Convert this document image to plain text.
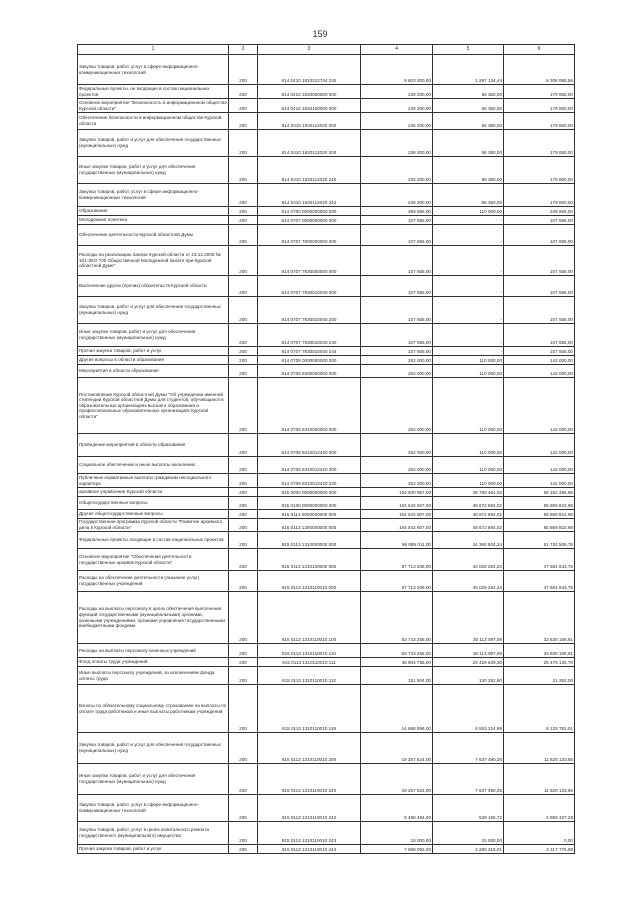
159
1	2	3	4	5	6
Закупка товаров, работ, услуг в сфере информационно-коммуникационных технологий	200	814 0410 1810312744 242	9 603 200,00	1 297 134,44	8 306 065,56
Федеральные проекты, не входящие в состав национальных проектов	200	814 0410 1620000000 000	236 200,00	56 350,00	179 850,00
Основное мероприятие "Безопасность в информационном обществе Курской области"	200	814 0410 1620100000 000	236 200,00	56 350,00	179 850,00
Обеспечение безопасности в информационном обществе Курской области	200	814 0410 1620112020 000	236 200,00	56 350,00	179 850,00
Закупка товаров, работ и услуг для обеспечения государственных (муниципальных) нужд	200	814 0410 1620112020 200	236 200,00	56 350,00	179 850,00
Иные закупки товаров, работ и услуг для обеспечения государственных (муниципальных) нужд	200	814 0410 1620112020 240	236 200,00	56 350,00	179 850,00
Закупка товаров, работ, услуг в сфере информационно-коммуникационных технологий	200	814 0410 1620112020 242	236 200,00	56 350,00	179 850,00
Образование	200	814 0700 0000000000 000	359 655,00	110 000,00	249 655,00
Молодежная политика	200	814 0707 0000000000 000	107 655,00	-	107 655,00
Обеспечение деятельности Курской областной Думы	200	814 0707 7900000000 000	107 655,00	-	107 655,00
Расходы на реализацию Закона Курской области от 23.12.2005 № 101-ЗКО "Об Общественной Молодежной палате при Курской областной Думе"	200	814 0707 7930000000 000	107 655,00	-	107 655,00
Выполнение других (прочих) обязательств Курской области	200	814 0707 7930010040 000	107 655,00	-	107 655,00
Закупка товаров, работ и услуг для обеспечения государственных (муниципальных) нужд	200	814 0707 7930010040 200	107 655,00	-	107 655,00
Иные закупки товаров, работ и услуг для обеспечения государственных (муниципальных) нужд	200	814 0707 7930010040 240	107 655,00	-	107 655,00
Прочая закупка товаров, работ и услуг	200	814 0707 7930010040 244	107 655,00	-	107 655,00
Другие вопросы в области образования	200	814 0709 0000000000 000	252 000,00	110 000,00	142 000,00
Мероприятия в области образования	200	814 0709 8300000000 000	252 000,00	110 000,00	142 000,00
Постановление Курской областной Думы "Об учреждении именной стипендии Курской областной Думы для студентов, обучающихся в образовательных организациях высшего образования и профессиональных образовательных организациях Курской области"	200	814 0709 8310000000 000	252 000,00	110 000,00	142 000,00
Проведение мероприятий в области образования	200	814 0709 8310012420 000	252 000,00	110 000,00	142 000,00
Социальное обеспечение и иные выплаты населению	200	814 0709 8310012420 300	252 000,00	110 000,00	142 000,00
Публичные нормативные выплаты гражданам несоциального характера	200	814 0709 8310012420 330	252 000,00	110 000,00	142 000,00
архивное управление Курской области	200	815 0000 0000000000 000	104 930 957,00	48 768 461,02	56 162 395,98
Общегосударственные вопросы	200	815 0100 0000000000 000	104 542 607,00	48 672 684,02	55 869 922,98
Другие общегосударственные вопросы	200	815 0113 0000000000 000	104 542 607,00	48 672 684,02	55 869 922,98
Государственная программа Курской области "Развитие архивного дела в Курской области"	200	815 0113 1300000000 000	104 542 607,00	48 672 684,02	55 869 922,98
Федеральные проекты, входящие в состав национальных проектов	200	815 0113 1310000000 000	96 095 011,00	44 360 504,24	51 734 506,76
Основное мероприятие "Обеспечение деятельности государственных архивов Курской области"	200	815 0113 1310100000 000	87 713 208,00	40 028 264,24	47 684 943,76
Расходы на обеспечение деятельности (оказание услуг) государственных учреждений	200	815 0113 1310110010 000	87 713 208,00	40 028 264,24	47 684 943,76
Расходы на выплаты персоналу в целях обеспечения выполнения функций государственными (муниципальными) органами, казенными учреждениями, органами управления государственными внебюджетными фондами	200	815 0113 1310110010 100	63 743 256,00	30 113 097,09	33 630 158,91
Расходы на выплаты персоналу казенных учреждений	200	815 0113 1310110010 110	63 743 256,00	30 113 097,09	33 630 158,91
Фонд оплаты труда учреждений	200	815 0113 1310110010 111	48 904 755,00	23 429 629,30	25 475 125,70
Иные выплаты персоналу учреждений, за исключением фонда оплаты труда	200	815 0113 1310110010 112	151 504,00	130 252,80	21 252,00
Взносы по обязательному социальному страхованию на выплаты по оплате труда работников и иные выплаты работникам учреждений	200	815 0113 1310110010 119	14 686 996,00	6 553 214,99	8 133 781,01
Закупка товаров, работ и услуг для обеспечения государственных (муниципальных) нужд	200	815 0113 1310110010 200	19 257 624,00	7 637 490,35	11 620 133,65
Иные закупки товаров, работ и услуг для обеспечения государственных (муниципальных) нужд	200	815 0113 1310110010 240	19 257 624,00	7 637 490,35	11 620 133,65
Закупка товаров, работ, услуг в сфере информационно-коммуникационных технологий	200	815 0113 1310110010 242	5 498 494,00	539 166,72	4 959 327,28
Закупка товаров, работ, услуг в целях капитального ремонта государственного (муниципального) имущества	200	815 0113 1310110010 243	15 000,00	15 000,00	0,00
Прочая закупка товаров, работ и услуг	200	815 0113 1310110010 244	7 698 092,00	4 280 315,01	3 317 776,99
